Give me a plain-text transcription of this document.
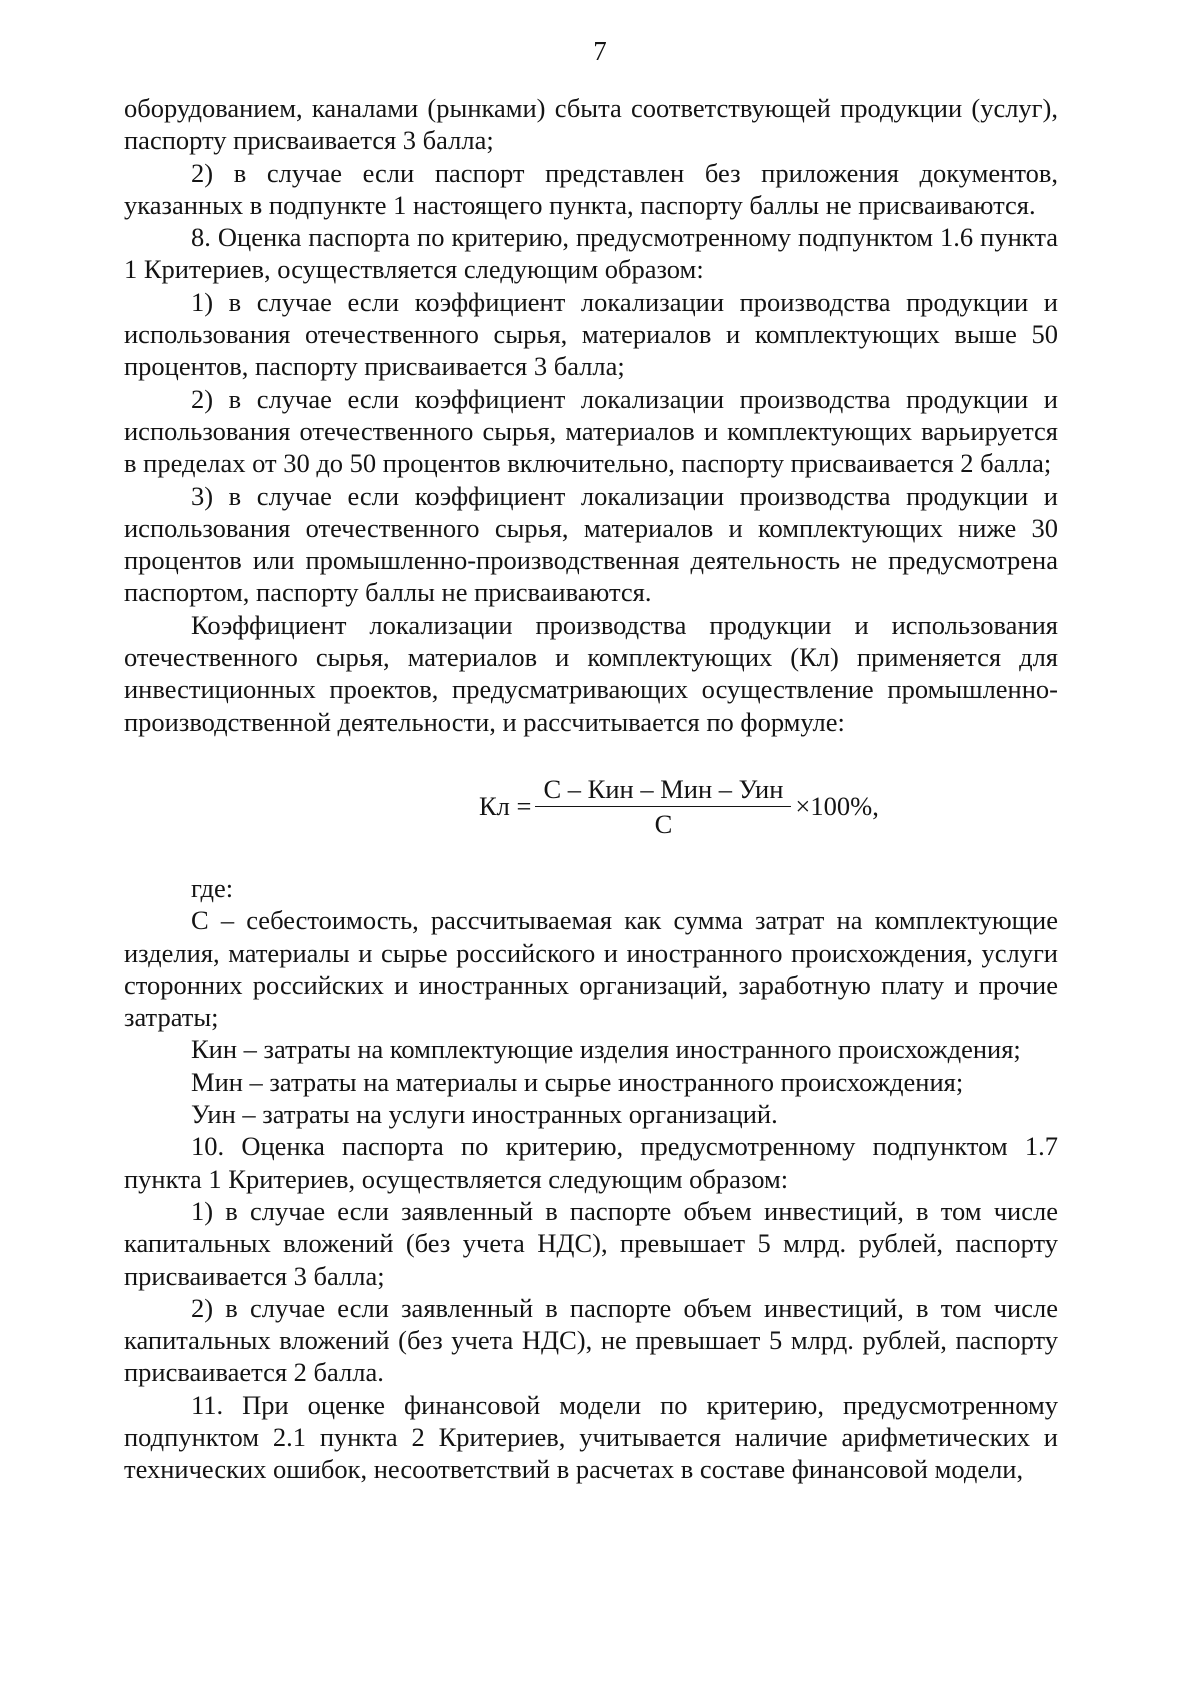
7

оборудованием, каналами (рынками) сбыта соответствующей продукции (услуг), паспорту присваивается 3 балла;

2) в случае если паспорт представлен без приложения документов, указанных в подпункте 1 настоящего пункта, паспорту баллы не присваиваются.

8. Оценка паспорта по критерию, предусмотренному подпунктом 1.6 пункта 1 Критериев, осуществляется следующим образом:

1) в случае если коэффициент локализации производства продукции и использования отечественного сырья, материалов и комплектующих выше 50 процентов, паспорту присваивается 3 балла;

2) в случае если коэффициент локализации производства продукции и использования отечественного сырья, материалов и комплектующих варьируется в пределах от 30 до 50 процентов включительно, паспорту присваивается 2 балла;

3) в случае если коэффициент локализации производства продукции и использования отечественного сырья, материалов и комплектующих ниже 30 процентов или промышленно-производственная деятельность не предусмотрена паспортом, паспорту баллы не присваиваются.

Коэффициент локализации производства продукции и использования отечественного сырья, материалов и комплектующих (Кл) применяется для инвестиционных проектов, предусматривающих осуществление промышленно-производственной деятельности, и рассчитывается по формуле:

Кл = $\frac{\text{С – Кин – Мин – Уин}}{С} \times 100\%$,

где:

С – себестоимость, рассчитываемая как сумма затрат на комплектующие изделия, материалы и сырье российского и иностранного происхождения, услуги сторонних российских и иностранных организаций, заработную плату и прочие затраты;

Кин – затраты на комплектующие изделия иностранного происхождения;

Мин – затраты на материалы и сырье иностранного происхождения;

Уин – затраты на услуги иностранных организаций.

10. Оценка паспорта по критерию, предусмотренному подпунктом 1.7 пункта 1 Критериев, осуществляется следующим образом:

1) в случае если заявленный в паспорте объем инвестиций, в том числе капитальных вложений (без учета НДС), превышает 5 млрд. рублей, паспорту присваивается 3 балла;

2) в случае если заявленный в паспорте объем инвестиций, в том числе капитальных вложений (без учета НДС), не превышает 5 млрд. рублей, паспорту присваивается 2 балла.

11. При оценке финансовой модели по критерию, предусмотренному подпунктом 2.1 пункта 2 Критериев, учитывается наличие арифметических и технических ошибок, несоответствий в расчетах в составе финансовой модели,
